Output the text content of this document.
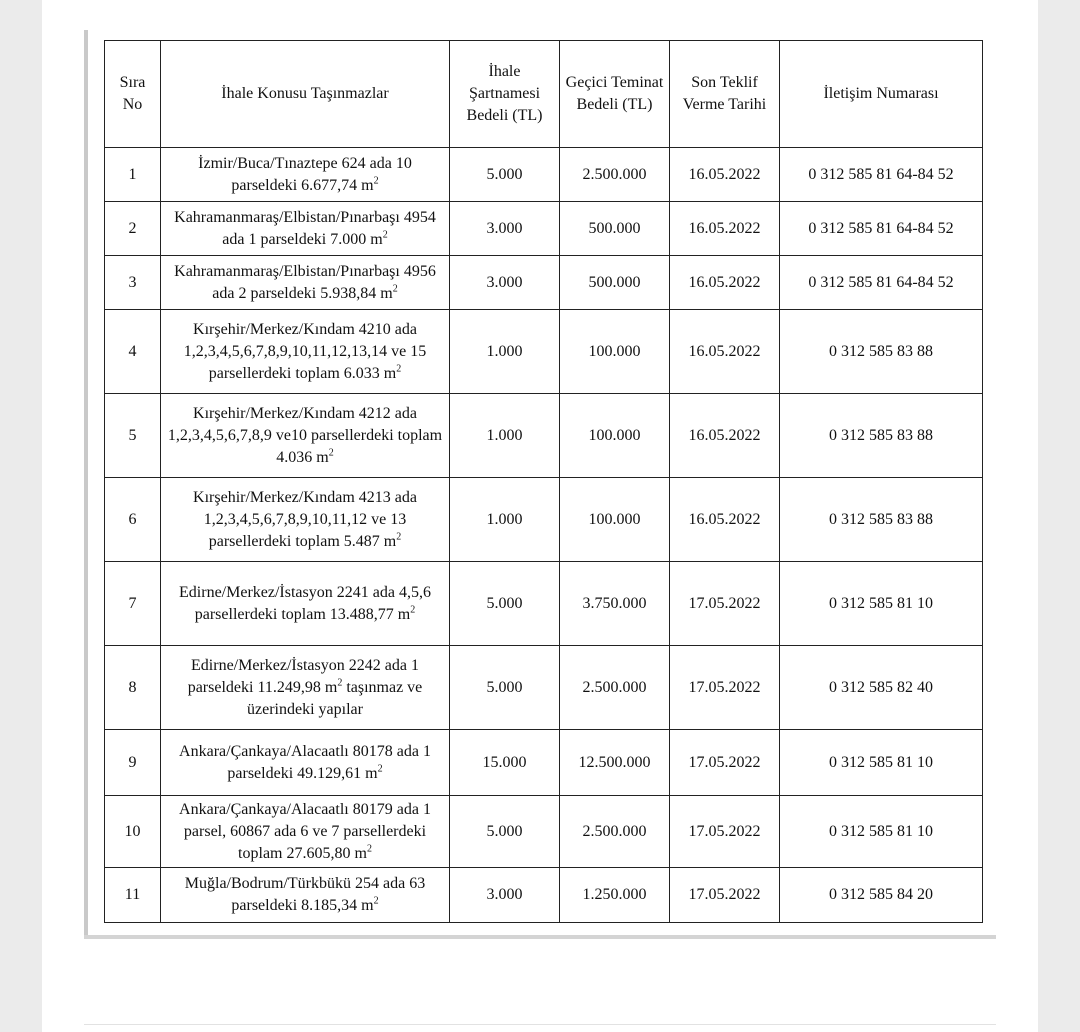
Sıra No	İhale Konusu Taşınmazlar	İhale Şartnamesi Bedeli (TL)	Geçici Teminat Bedeli (TL)	Son Teklif Verme Tarihi	İletişim Numarası
1	İzmir/Buca/Tınaztepe 624 ada 10 parseldeki 6.677,74 $m^2$	5.000	2.500.000	16.05.2022	0 312 585 81 64-84 52
2	Kahramanmaraş/Elbistan/Pınarbaşı 4954 ada 1 parseldeki 7.000 $m^2$	3.000	500.000	16.05.2022	0 312 585 81 64-84 52
3	Kahramanmaraş/Elbistan/Pınarbaşı 4956 ada 2 parseldeki 5.938,84 $m^2$	3.000	500.000	16.05.2022	0 312 585 81 64-84 52
4	Kırşehir/Merkez/Kındam 4210 ada 1,2,3,4,5,6,7,8,9,10,11,12,13,14 ve 15 parsellerdeki toplam 6.033 $m^2$	1.000	100.000	16.05.2022	0 312 585 83 88
5	Kırşehir/Merkez/Kındam 4212 ada 1,2,3,4,5,6,7,8,9 ve10 parsellerdeki toplam 4.036 $m^2$	1.000	100.000	16.05.2022	0 312 585 83 88
6	Kırşehir/Merkez/Kındam 4213 ada 1,2,3,4,5,6,7,8,9,10,11,12 ve 13 parsellerdeki toplam 5.487 $m^2$	1.000	100.000	16.05.2022	0 312 585 83 88
7	Edirne/Merkez/İstasyon 2241 ada 4,5,6 parsellerdeki toplam 13.488,77 $m^2$	5.000	3.750.000	17.05.2022	0 312 585 81 10
8	Edirne/Merkez/İstasyon 2242 ada 1 parseldeki 11.249,98 $m^2$ taşınmaz ve üzerindeki yapılar	5.000	2.500.000	17.05.2022	0 312 585 82 40
9	Ankara/Çankaya/Alacaatlı 80178 ada 1 parseldeki 49.129,61 $m^2$	15.000	12.500.000	17.05.2022	0 312 585 81 10
10	Ankara/Çankaya/Alacaatlı 80179 ada 1 parsel, 60867 ada 6 ve 7 parsellerdeki toplam 27.605,80 $m^2$	5.000	2.500.000	17.05.2022	0 312 585 81 10
11	Muğla/Bodrum/Türkbükü 254 ada 63 parseldeki 8.185,34 $m^2$	3.000	1.250.000	17.05.2022	0 312 585 84 20
